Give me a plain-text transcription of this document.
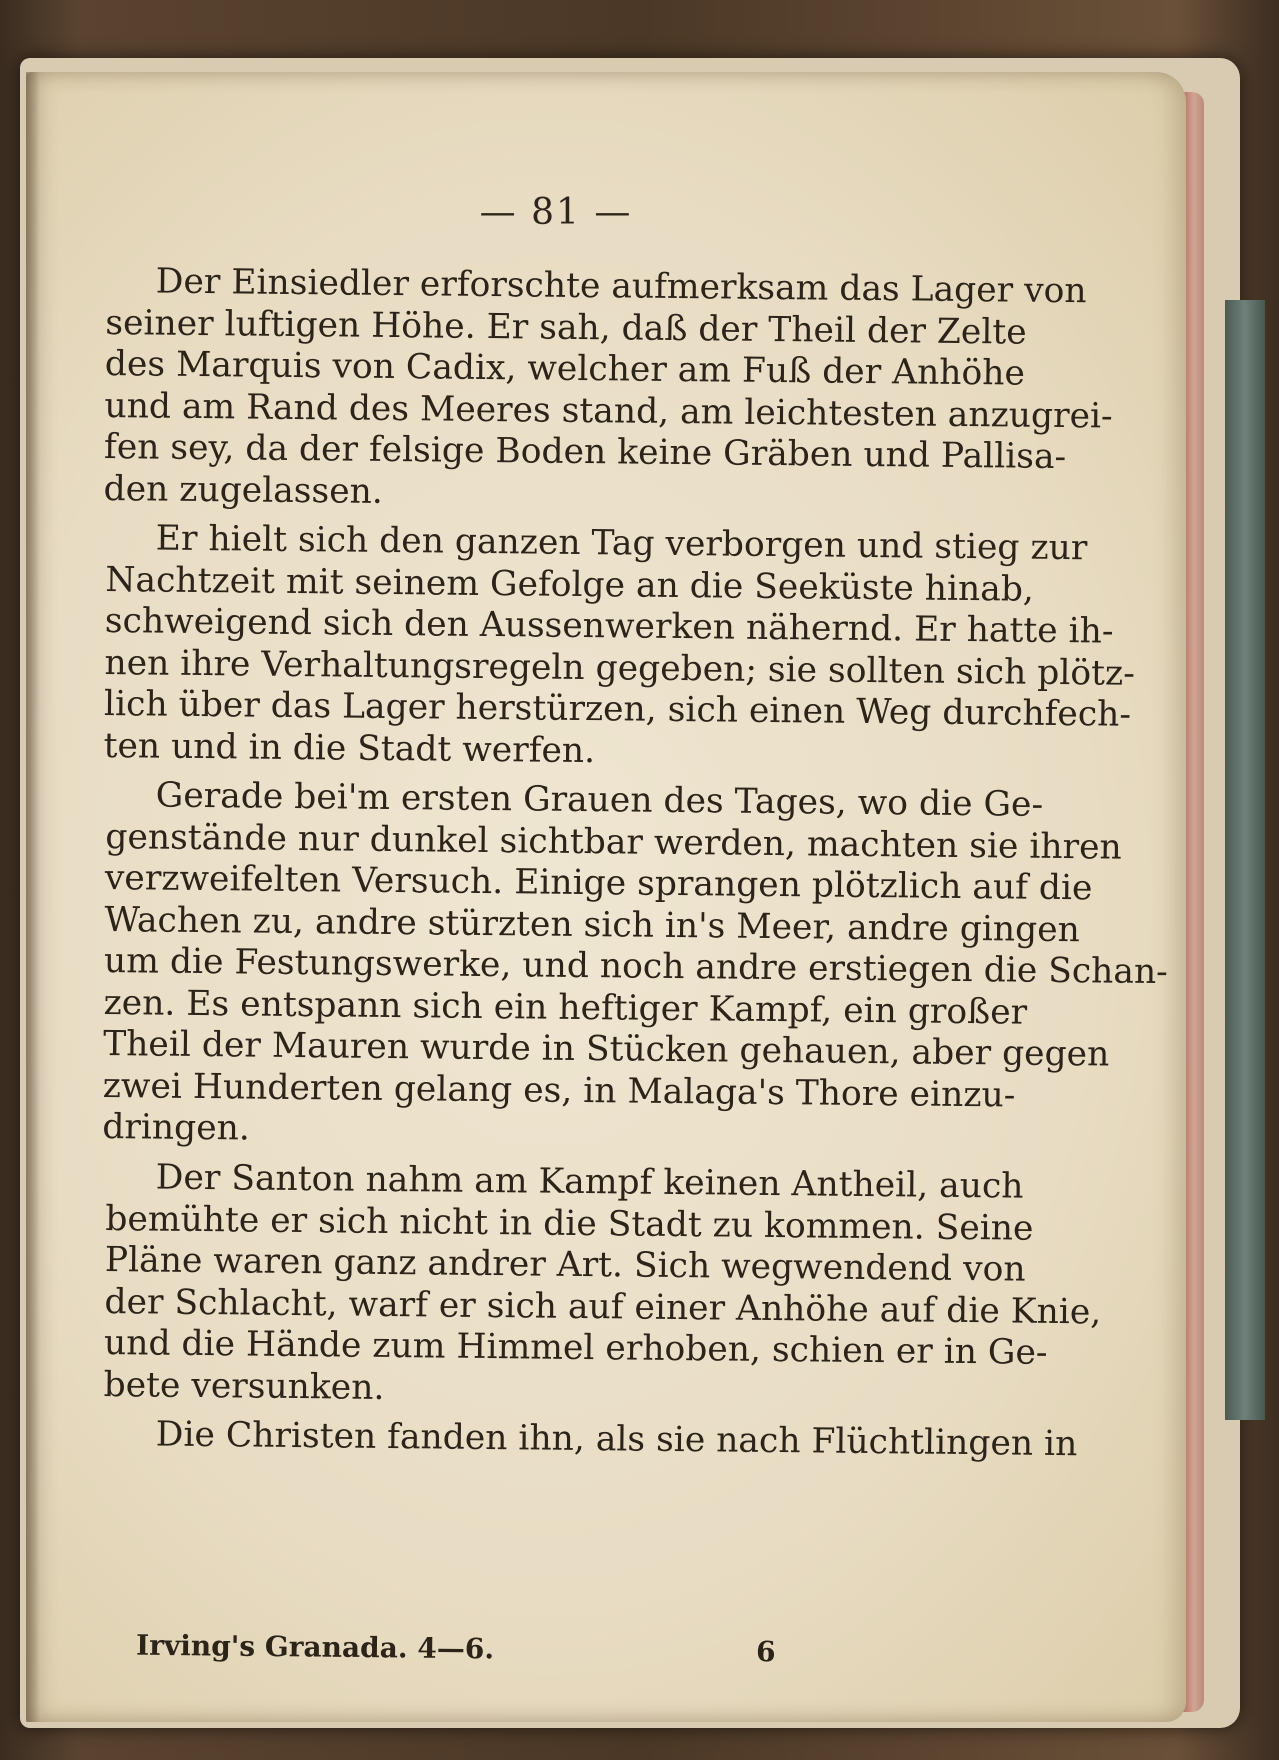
— 81 —

Der Einsiedler erforschte aufmerksam das Lager von
seiner luftigen Höhe. Er sah, daß der Theil der Zelte
des Marquis von Cadix, welcher am Fuß der Anhöhe
und am Rand des Meeres stand, am leichtesten anzugrei-
fen sey, da der felsige Boden keine Gräben und Pallisa-
den zugelassen.

Er hielt sich den ganzen Tag verborgen und stieg zur
Nachtzeit mit seinem Gefolge an die Seeküste hinab,
schweigend sich den Aussenwerken nähernd. Er hatte ih-
nen ihre Verhaltungsregeln gegeben; sie sollten sich plötz-
lich über das Lager herstürzen, sich einen Weg durchfech-
ten und in die Stadt werfen.

Gerade bei'm ersten Grauen des Tages, wo die Ge-
genstände nur dunkel sichtbar werden, machten sie ihren
verzweifelten Versuch. Einige sprangen plötzlich auf die
Wachen zu, andre stürzten sich in's Meer, andre gingen
um die Festungswerke, und noch andre erstiegen die Schan-
zen. Es entspann sich ein heftiger Kampf, ein großer
Theil der Mauren wurde in Stücken gehauen, aber gegen
zwei Hunderten gelang es, in Malaga's Thore einzu-
dringen.

Der Santon nahm am Kampf keinen Antheil, auch
bemühte er sich nicht in die Stadt zu kommen. Seine
Pläne waren ganz andrer Art. Sich wegwendend von
der Schlacht, warf er sich auf einer Anhöhe auf die Knie,
und die Hände zum Himmel erhoben, schien er in Ge-
bete versunken.

Die Christen fanden ihn, als sie nach Flüchtlingen in

Irving's Granada. 4—6.	6
